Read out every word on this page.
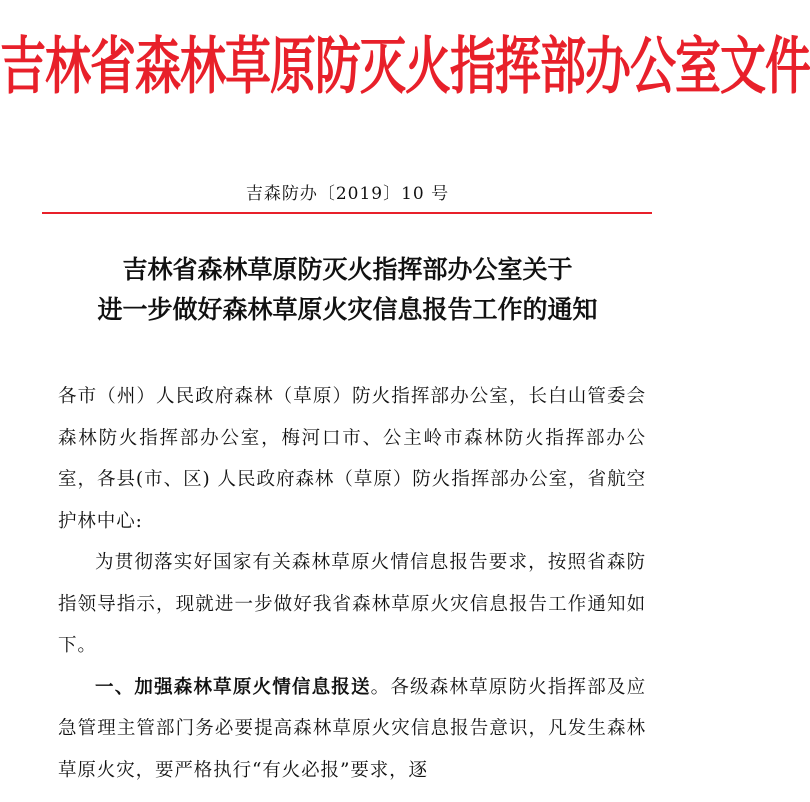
吉林省森林草原防灭火指挥部办公室文件
吉森防办〔2019〕10 号
吉林省森林草原防灭火指挥部办公室关于
进一步做好森林草原火灾信息报告工作的通知

各市（州）人民政府森林（草原）防火指挥部办公室，长白山管委会森林防火指挥部办公室，梅河口市、公主岭市森林防火指挥部办公室，各县(市、区) 人民政府森林（草原）防火指挥部办公室，省航空护林中心:

为贯彻落实好国家有关森林草原火情信息报告要求，按照省森防指领导指示，现就进一步做好我省森林草原火灾信息报告工作通知如下。

一、加强森林草原火情信息报送。各级森林草原防火指挥部及应急管理主管部门务必要提高森林草原火灾信息报告意识，凡发生森林草原火灾，要严格执行“有火必报”要求，逐
